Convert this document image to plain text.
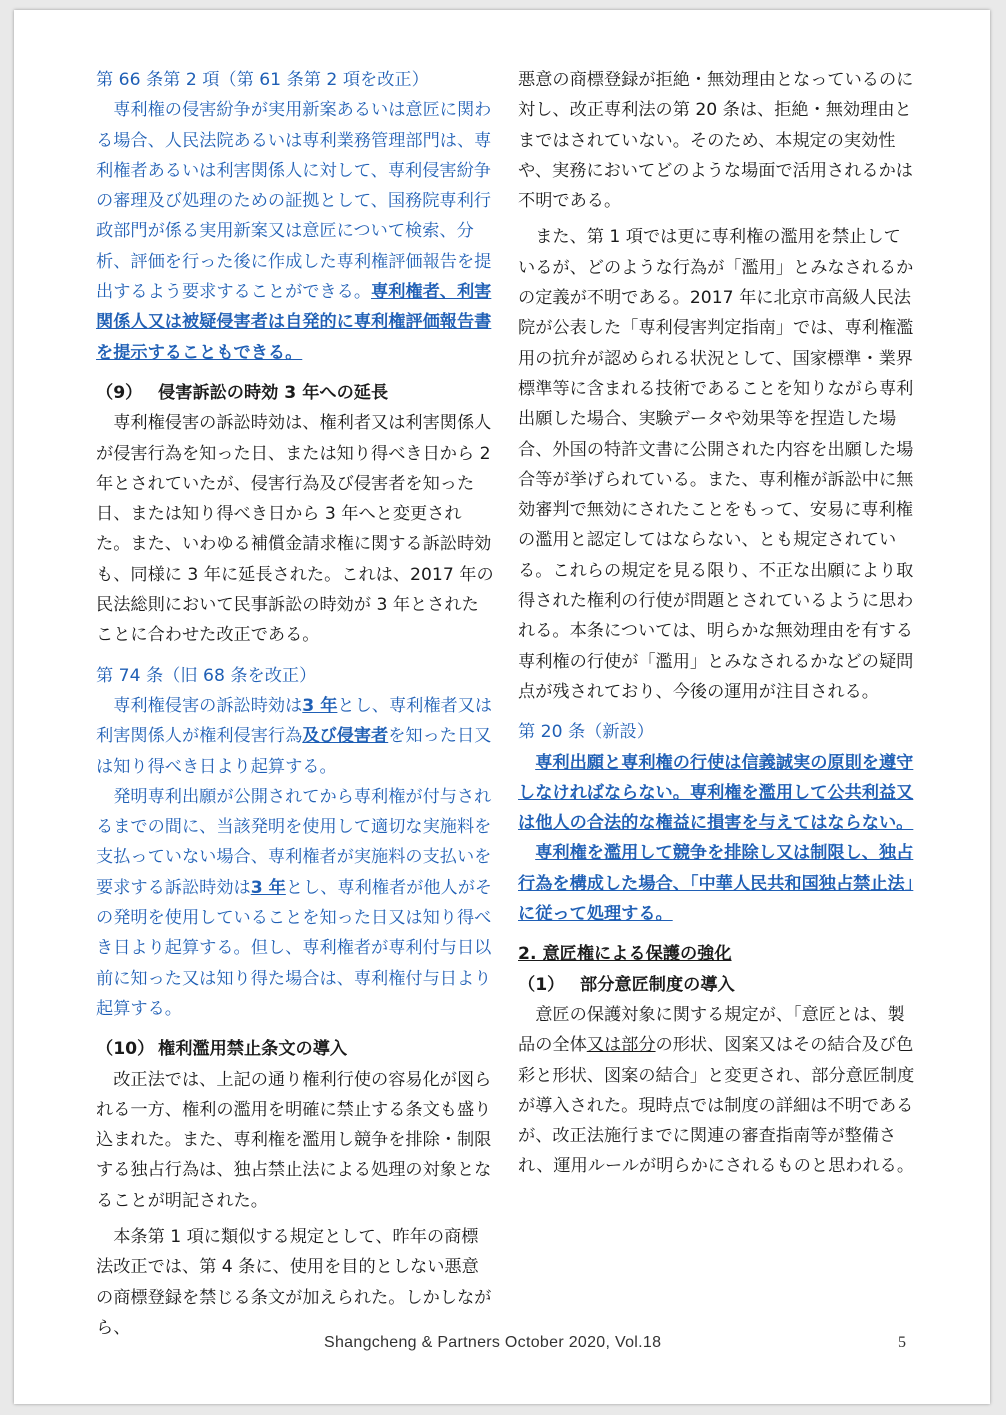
第 66 条第 2 項（第 61 条第 2 項を改正）

専利権の侵害紛争が実用新案あるいは意匠に関わる場合、人民法院あるいは専利業務管理部門は、専利権者あるいは利害関係人に対して、専利侵害紛争の審理及び処理のための証拠として、国務院専利行政部門が係る実用新案又は意匠について検索、分析、評価を行った後に作成した専利権評価報告を提出するよう要求することができる。専利権者、利害関係人又は被疑侵害者は自発的に専利権評価報告書を提示することもできる。

（9） 侵害訴訟の時効 3 年への延長

専利権侵害の訴訟時効は、権利者又は利害関係人が侵害行為を知った日、または知り得べき日から 2 年とされていたが、侵害行為及び侵害者を知った日、または知り得べき日から 3 年へと変更された。また、いわゆる補償金請求権に関する訴訟時効も、同様に 3 年に延長された。これは、2017 年の民法総則において民事訴訟の時効が 3 年とされたことに合わせた改正である。

第 74 条（旧 68 条を改正）

専利権侵害の訴訟時効は3 年とし、専利権者又は利害関係人が権利侵害行為及び侵害者を知った日又は知り得べき日より起算する。

発明専利出願が公開されてから専利権が付与されるまでの間に、当該発明を使用して適切な実施料を支払っていない場合、専利権者が実施料の支払いを要求する訴訟時効は3 年とし、専利権者が他人がその発明を使用していることを知った日又は知り得べき日より起算する。但し、専利権者が専利付与日以前に知った又は知り得た場合は、専利権付与日より起算する。

（10） 権利濫用禁止条文の導入

改正法では、上記の通り権利行使の容易化が図られる一方、権利の濫用を明確に禁止する条文も盛り込まれた。また、専利権を濫用し競争を排除・制限する独占行為は、独占禁止法による処理の対象となることが明記された。

本条第 1 項に類似する規定として、昨年の商標法改正では、第 4 条に、使用を目的としない悪意の商標登録を禁じる条文が加えられた。しかしながら、

悪意の商標登録が拒絶・無効理由となっているのに対し、改正専利法の第 20 条は、拒絶・無効理由とまではされていない。そのため、本規定の実効性や、実務においてどのような場面で活用されるかは不明である。

また、第 1 項では更に専利権の濫用を禁止しているが、どのような行為が「濫用」とみなされるかの定義が不明である。2017 年に北京市高級人民法院が公表した「専利侵害判定指南」では、専利権濫用の抗弁が認められる状況として、国家標準・業界標準等に含まれる技術であることを知りながら専利出願した場合、実験データや効果等を捏造した場合、外国の特許文書に公開された内容を出願した場合等が挙げられている。また、専利権が訴訟中に無効審判で無効にされたことをもって、安易に専利権の濫用と認定してはならない、とも規定されている。これらの規定を見る限り、不正な出願により取得された権利の行使が問題とされているように思われる。本条については、明らかな無効理由を有する専利権の行使が「濫用」とみなされるかなどの疑問点が残されており、今後の運用が注目される。

第 20 条（新設）

専利出願と専利権の行使は信義誠実の原則を遵守しなければならない。専利権を濫用して公共利益又は他人の合法的な権益に損害を与えてはならない。

専利権を濫用して競争を排除し又は制限し、独占行為を構成した場合、「中華人民共和国独占禁止法」に従って処理する。

2. 意匠権による保護の強化
（1） 部分意匠制度の導入

意匠の保護対象に関する規定が、「意匠とは、製品の全体又は部分の形状、図案又はその結合及び色彩と形状、図案の結合」と変更され、部分意匠制度が導入された。現時点では制度の詳細は不明であるが、改正法施行までに関連の審査指南等が整備され、運用ルールが明らかにされるものと思われる。

Shangcheng & Partners October 2020, Vol.18	5
